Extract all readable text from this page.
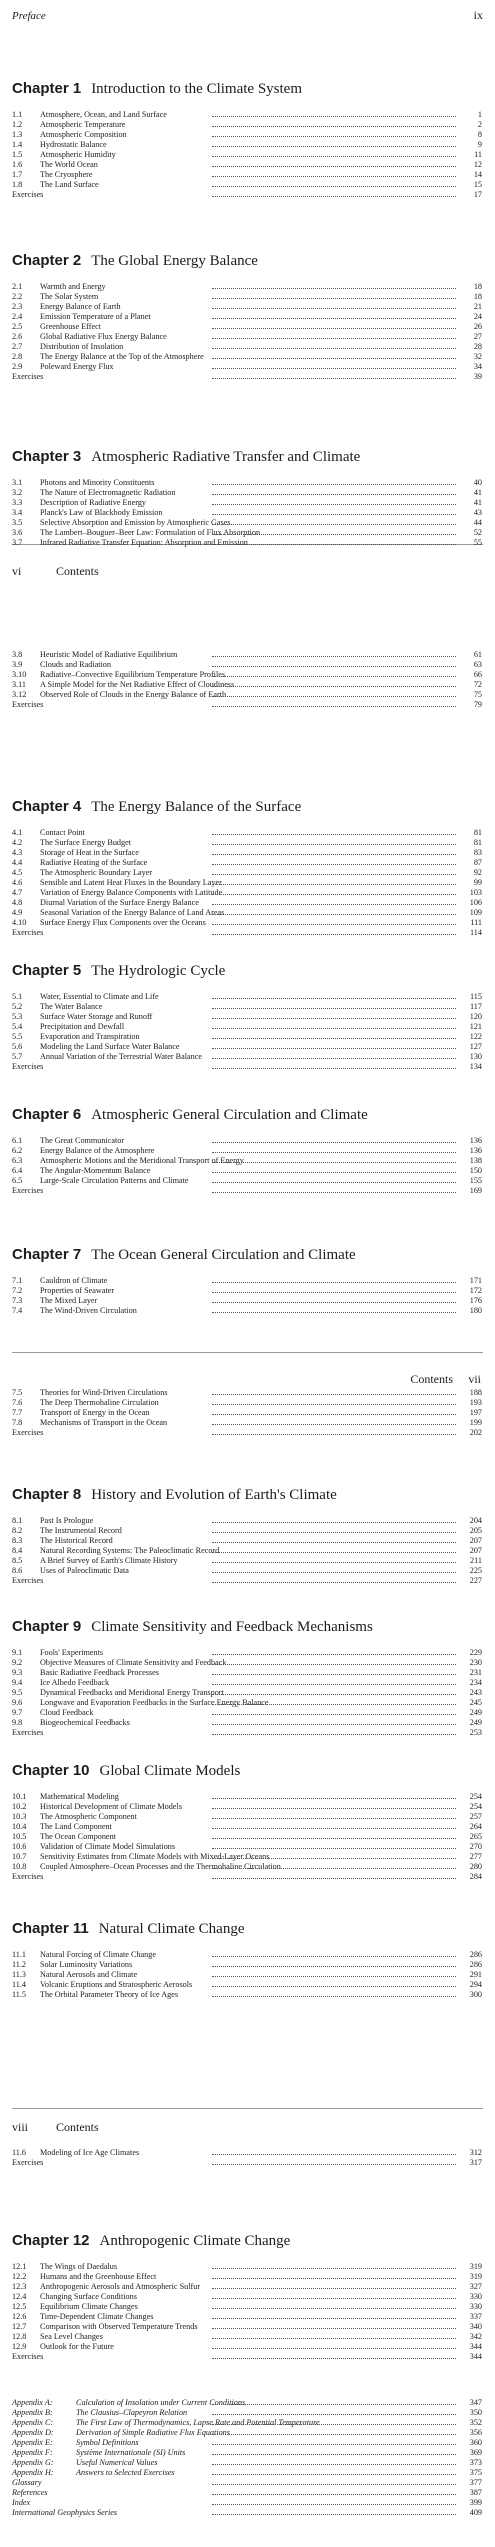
Preface	ix
vi	Contents
Contents vii
viii Contents
Chapter 1 Introduction to the Climate System
1.1 Atmosphere, Ocean, and Land Surface	1
1.2 Atmospheric Temperature	2
1.3 Atmospheric Composition	8
1.4 Hydrostatic Balance	9
1.5 Atmospheric Humidity	11
1.6 The World Ocean	12
1.7 The Cryosphere	14
1.8 The Land Surface	15
Exercises	17
Chapter 2 The Global Energy Balance
2.1 Warmth and Energy	18
2.2 The Solar System	18
2.3 Energy Balance of Earth	21
2.4 Emission Temperature of a Planet	24
2.5 Greenhouse Effect	26
2.6 Global Radiative Flux Energy Balance	27
2.7 Distribution of Insolation	28
2.8 The Energy Balance at the Top of the Atmosphere	32
2.9 Poleward Energy Flux	34
Exercises	39
Chapter 3 Atmospheric Radiative Transfer and Climate
3.1 Photons and Minority Constituents	40
3.2 The Nature of Electromagnetic Radiation	41
3.3 Description of Radiative Energy	41
3.4 Planck's Law of Blackbody Emission	43
3.5 Selective Absorption and Emission by Atmospheric Gases	44
3.6 The Lambert–Bouguer–Beer Law: Formulation of Flux Absorption	52
3.7 Infrared Radiative Transfer Equation: Absorption and Emission	55
3.8 Heuristic Model of Radiative Equilibrium	61
3.9 Clouds and Radiation	63
3.10 Radiative–Convective Equilibrium Temperature Profiles	66
3.11 A Simple Model for the Net Radiative Effect of Cloudiness	72
3.12 Observed Role of Clouds in the Energy Balance of Earth	75
Exercises	79
Chapter 4 The Energy Balance of the Surface
4.1 Contact Point	81
4.2 The Surface Energy Budget	81
4.3 Storage of Heat in the Surface	83
4.4 Radiative Heating of the Surface	87
4.5 The Atmospheric Boundary Layer	92
4.6 Sensible and Latent Heat Fluxes in the Boundary Layer	99
4.7 Variation of Energy Balance Components with Latitude	103
4.8 Diurnal Variation of the Surface Energy Balance	106
4.9 Seasonal Variation of the Energy Balance of Land Areas	109
4.10 Surface Energy Flux Components over the Oceans	111
Exercises	114
Chapter 5 The Hydrologic Cycle
5.1 Water, Essential to Climate and Life	115
5.2 The Water Balance	117
5.3 Surface Water Storage and Runoff	120
5.4 Precipitation and Dewfall	121
5.5 Evaporation and Transpiration	122
5.6 Modeling the Land Surface Water Balance	127
5.7 Annual Variation of the Terrestrial Water Balance	130
Exercises	134
Chapter 6 Atmospheric General Circulation and Climate
6.1 The Great Communicator	136
6.2 Energy Balance of the Atmosphere	136
6.3 Atmospheric Motions and the Meridional Transport of Energy	138
6.4 The Angular-Momentum Balance	150
6.5 Large-Scale Circulation Patterns and Climate	155
Exercises	169
Chapter 7 The Ocean General Circulation and Climate
7.1 Cauldron of Climate	171
7.2 Properties of Seawater	172
7.3 The Mixed Layer	176
7.4 The Wind-Driven Circulation	180
7.5 Theories for Wind-Driven Circulations	188
7.6 The Deep Thermohaline Circulation	193
7.7 Transport of Energy in the Ocean	197
7.8 Mechanisms of Transport in the Ocean	199
Exercises	202
Chapter 8 History and Evolution of Earth's Climate
8.1 Past Is Prologue	204
8.2 The Instrumental Record	205
8.3 The Historical Record	207
8.4 Natural Recording Systems: The Paleoclimatic Record	207
8.5 A Brief Survey of Earth's Climate History	211
8.6 Uses of Paleoclimatic Data	225
Exercises	227
Chapter 9 Climate Sensitivity and Feedback Mechanisms
9.1 Fools' Experiments	229
9.2 Objective Measures of Climate Sensitivity and Feedback	230
9.3 Basic Radiative Feedback Processes	231
9.4 Ice Albedo Feedback	234
9.5 Dynamical Feedbacks and Meridional Energy Transport	243
9.6 Longwave and Evaporation Feedbacks in the Surface Energy Balance	245
9.7 Cloud Feedback	249
9.8 Biogeochemical Feedbacks	249
Exercises	253
Chapter 10 Global Climate Models
10.1 Mathematical Modeling	254
10.2 Historical Development of Climate Models	254
10.3 The Atmospheric Component	257
10.4 The Land Component	264
10.5 The Ocean Component	265
10.6 Validation of Climate Model Simulations	270
10.7 Sensitivity Estimates from Climate Models with Mixed-Layer Oceans	277
10.8 Coupled Atmosphere–Ocean Processes and the Thermohaline Circulation	280
Exercises	284
Chapter 11 Natural Climate Change
11.1 Natural Forcing of Climate Change	286
11.2 Solar Luminosity Variations	286
11.3 Natural Aerosols and Climate	291
11.4 Volcanic Eruptions and Stratospheric Aerosols	294
11.5 The Orbital Parameter Theory of Ice Ages	300
11.6 Modeling of Ice Age Climates	312
Exercises	317
Chapter 12 Anthropogenic Climate Change
12.1 The Wings of Daedalus	319
12.2 Humans and the Greenhouse Effect	319
12.3 Anthropogenic Aerosols and Atmospheric Sulfur	327
12.4 Changing Surface Conditions	330
12.5 Equilibrium Climate Changes	330
12.6 Time-Dependent Climate Changes	337
12.7 Comparison with Observed Temperature Trends	340
12.8 Sea Level Changes	342
12.9 Outlook for the Future	344
Exercises	344
Appendix A:	Calculation of Insolation under Current Conditions	347
Appendix B:	The Clausius–Clapeyron Relation	350
Appendix C:	The First Law of Thermodynamics, Lapse Rate and Potential Temperature	352
Appendix D:	Derivation of Simple Radiative Flux Equations	356
Appendix E:	Symbol Definitions	360
Appendix F:	Système Internationale (SI) Units	369
Appendix G:	Useful Numerical Values	373
Appendix H:	Answers to Selected Exercises	375
Glossary	377
References	387
Index	399
International Geophysics Series	409
